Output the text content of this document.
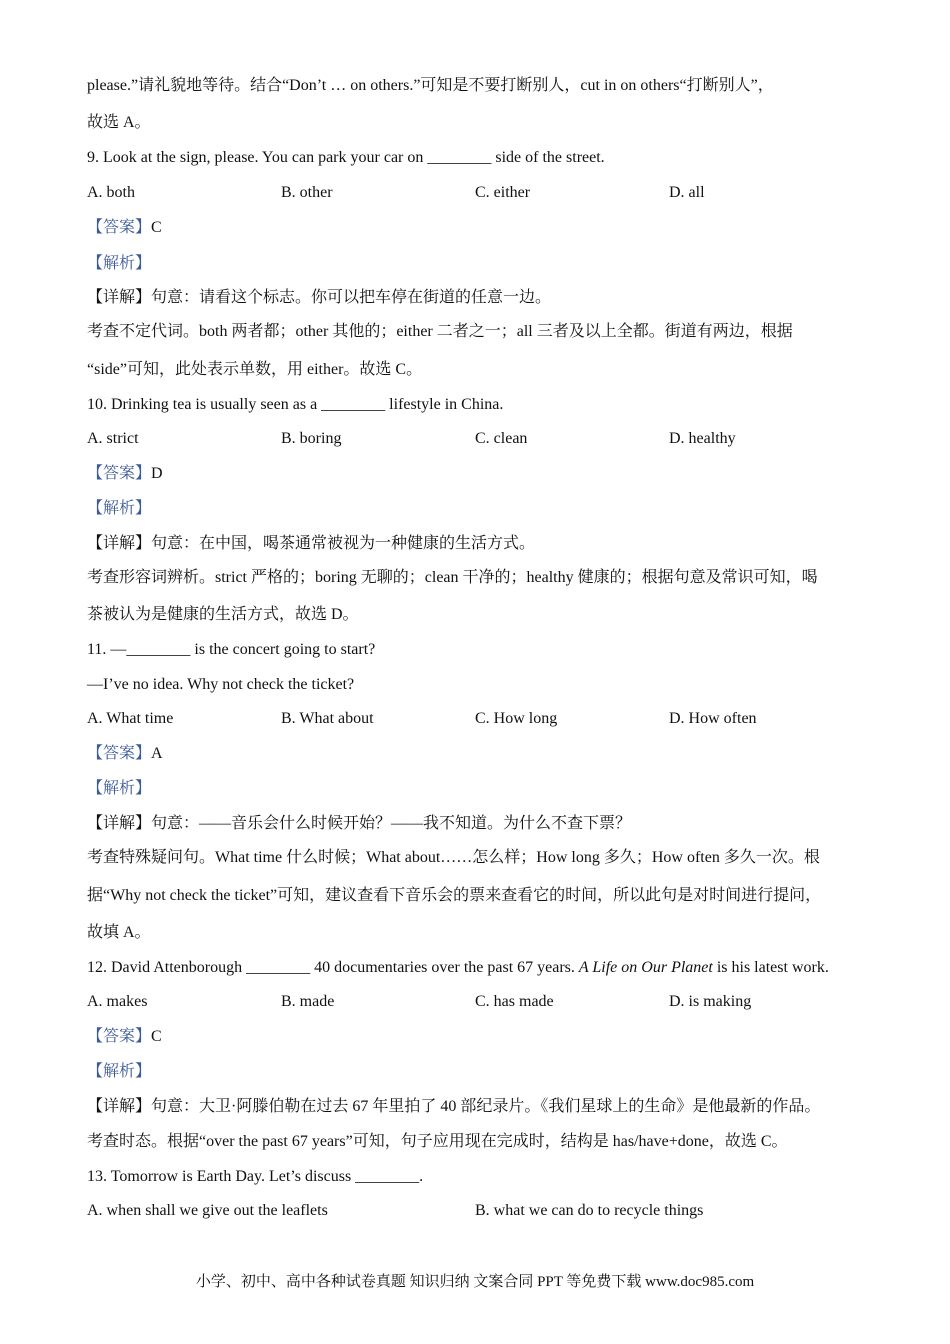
please.”请礼貌地等待。结合“Don’t … on others.”可知是不要打断别人，cut in on others“打断别人”，
故选 A。
9. Look at the sign, please. You can park your car on ________ side of the street.
A. both	B. other	C. either	D. all
【答案】C
【解析】
【详解】句意：请看这个标志。你可以把车停在街道的任意一边。
考查不定代词。both 两者都；other 其他的；either 二者之一；all 三者及以上全都。街道有两边，根据
“side”可知，此处表示单数，用 either。故选 C。
10. Drinking tea is usually seen as a ________ lifestyle in China.
A. strict	B. boring	C. clean	D. healthy
【答案】D
【解析】
【详解】句意：在中国，喝茶通常被视为一种健康的生活方式。
考查形容词辨析。strict 严格的；boring 无聊的；clean 干净的；healthy 健康的；根据句意及常识可知，喝
茶被认为是健康的生活方式，故选 D。
11. —________ is the concert going to start?
—I’ve no idea. Why not check the ticket?
A. What time	B. What about	C. How long	D. How often
【答案】A
【解析】
【详解】句意：——音乐会什么时候开始？——我不知道。为什么不查下票？
考查特殊疑问句。What time 什么时候；What about……怎么样；How long 多久；How often 多久一次。根
据“Why not check the ticket”可知，建议查看下音乐会的票来查看它的时间，所以此句是对时间进行提问，
故填 A。
12. David Attenborough ________ 40 documentaries over the past 67 years. A Life on Our Planet is his latest work.
A. makes	B. made	C. has made	D. is making
【答案】C
【解析】
【详解】句意：大卫·阿滕伯勒在过去 67 年里拍了 40 部纪录片。《我们星球上的生命》是他最新的作品。
考查时态。根据“over the past 67 years”可知，句子应用现在完成时，结构是 has/have+done，故选 C。
13. Tomorrow is Earth Day. Let’s discuss ________.
A. when shall we give out the leaflets	B. what we can do to recycle things
小学、初中、高中各种试卷真题 知识归纳 文案合同 PPT 等免费下载 www.doc985.com
